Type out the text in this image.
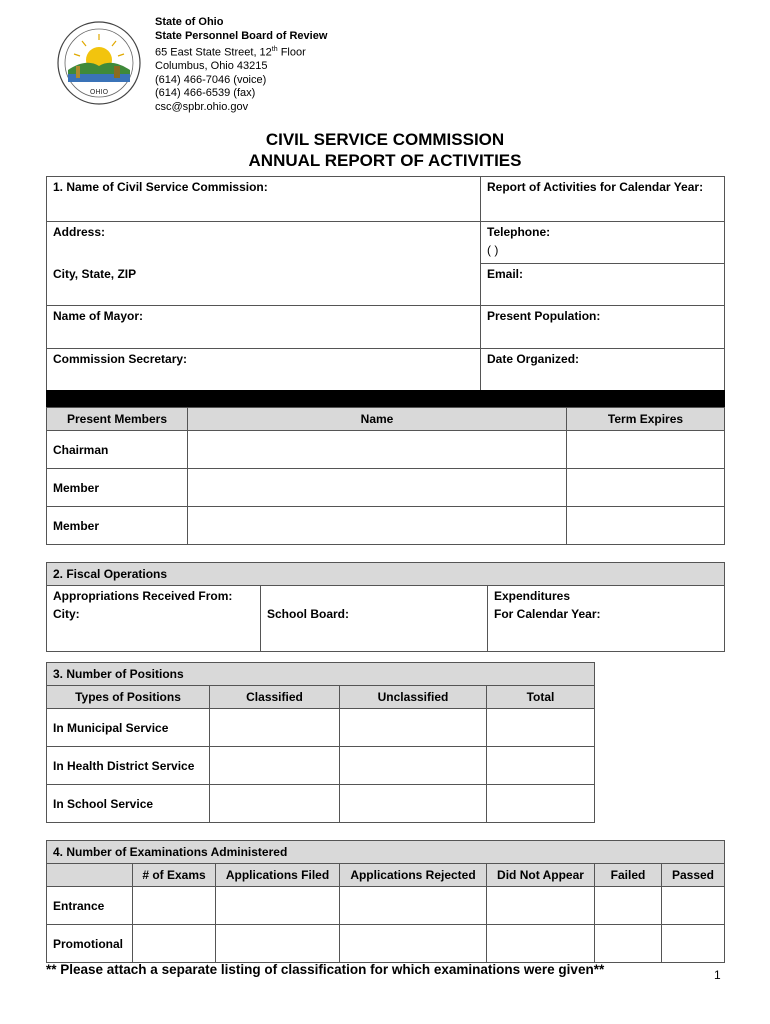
OHIO
State of Ohio
State Personnel Board of Review
65 East State Street, 12th Floor
Columbus, Ohio 43215
(614) 466-7046 (voice)
(614) 466-6539 (fax)
csc@spbr.ohio.gov
CIVIL SERVICE COMMISSION
ANNUAL REPORT OF ACTIVITIES
1. Name of Civil Service Commission:	Report of Activities for Calendar Year:
Address:	Telephone:
( )

City, State, ZIP	Email:
Name of Mayor:	Present Population:
Commission Secretary:	Date Organized:
Present Members	Name	Term Expires
Chairman		
Member		
Member		
2. Fiscal Operations

Appropriations Received From:
City:	School Board:

Expenditures
For Calendar Year:
3. Number of Positions			
Types of Positions	Classified	Unclassified	Total
In Municipal Service			
In Health District Service			
In School Service			
4. Number of Examinations Administered						
	# of Exams	Applications Filed	Applications Rejected	Did Not Appear	Failed	Passed
Entrance						
Promotional						
** Please attach a separate listing of classification for which examinations were given**	1
